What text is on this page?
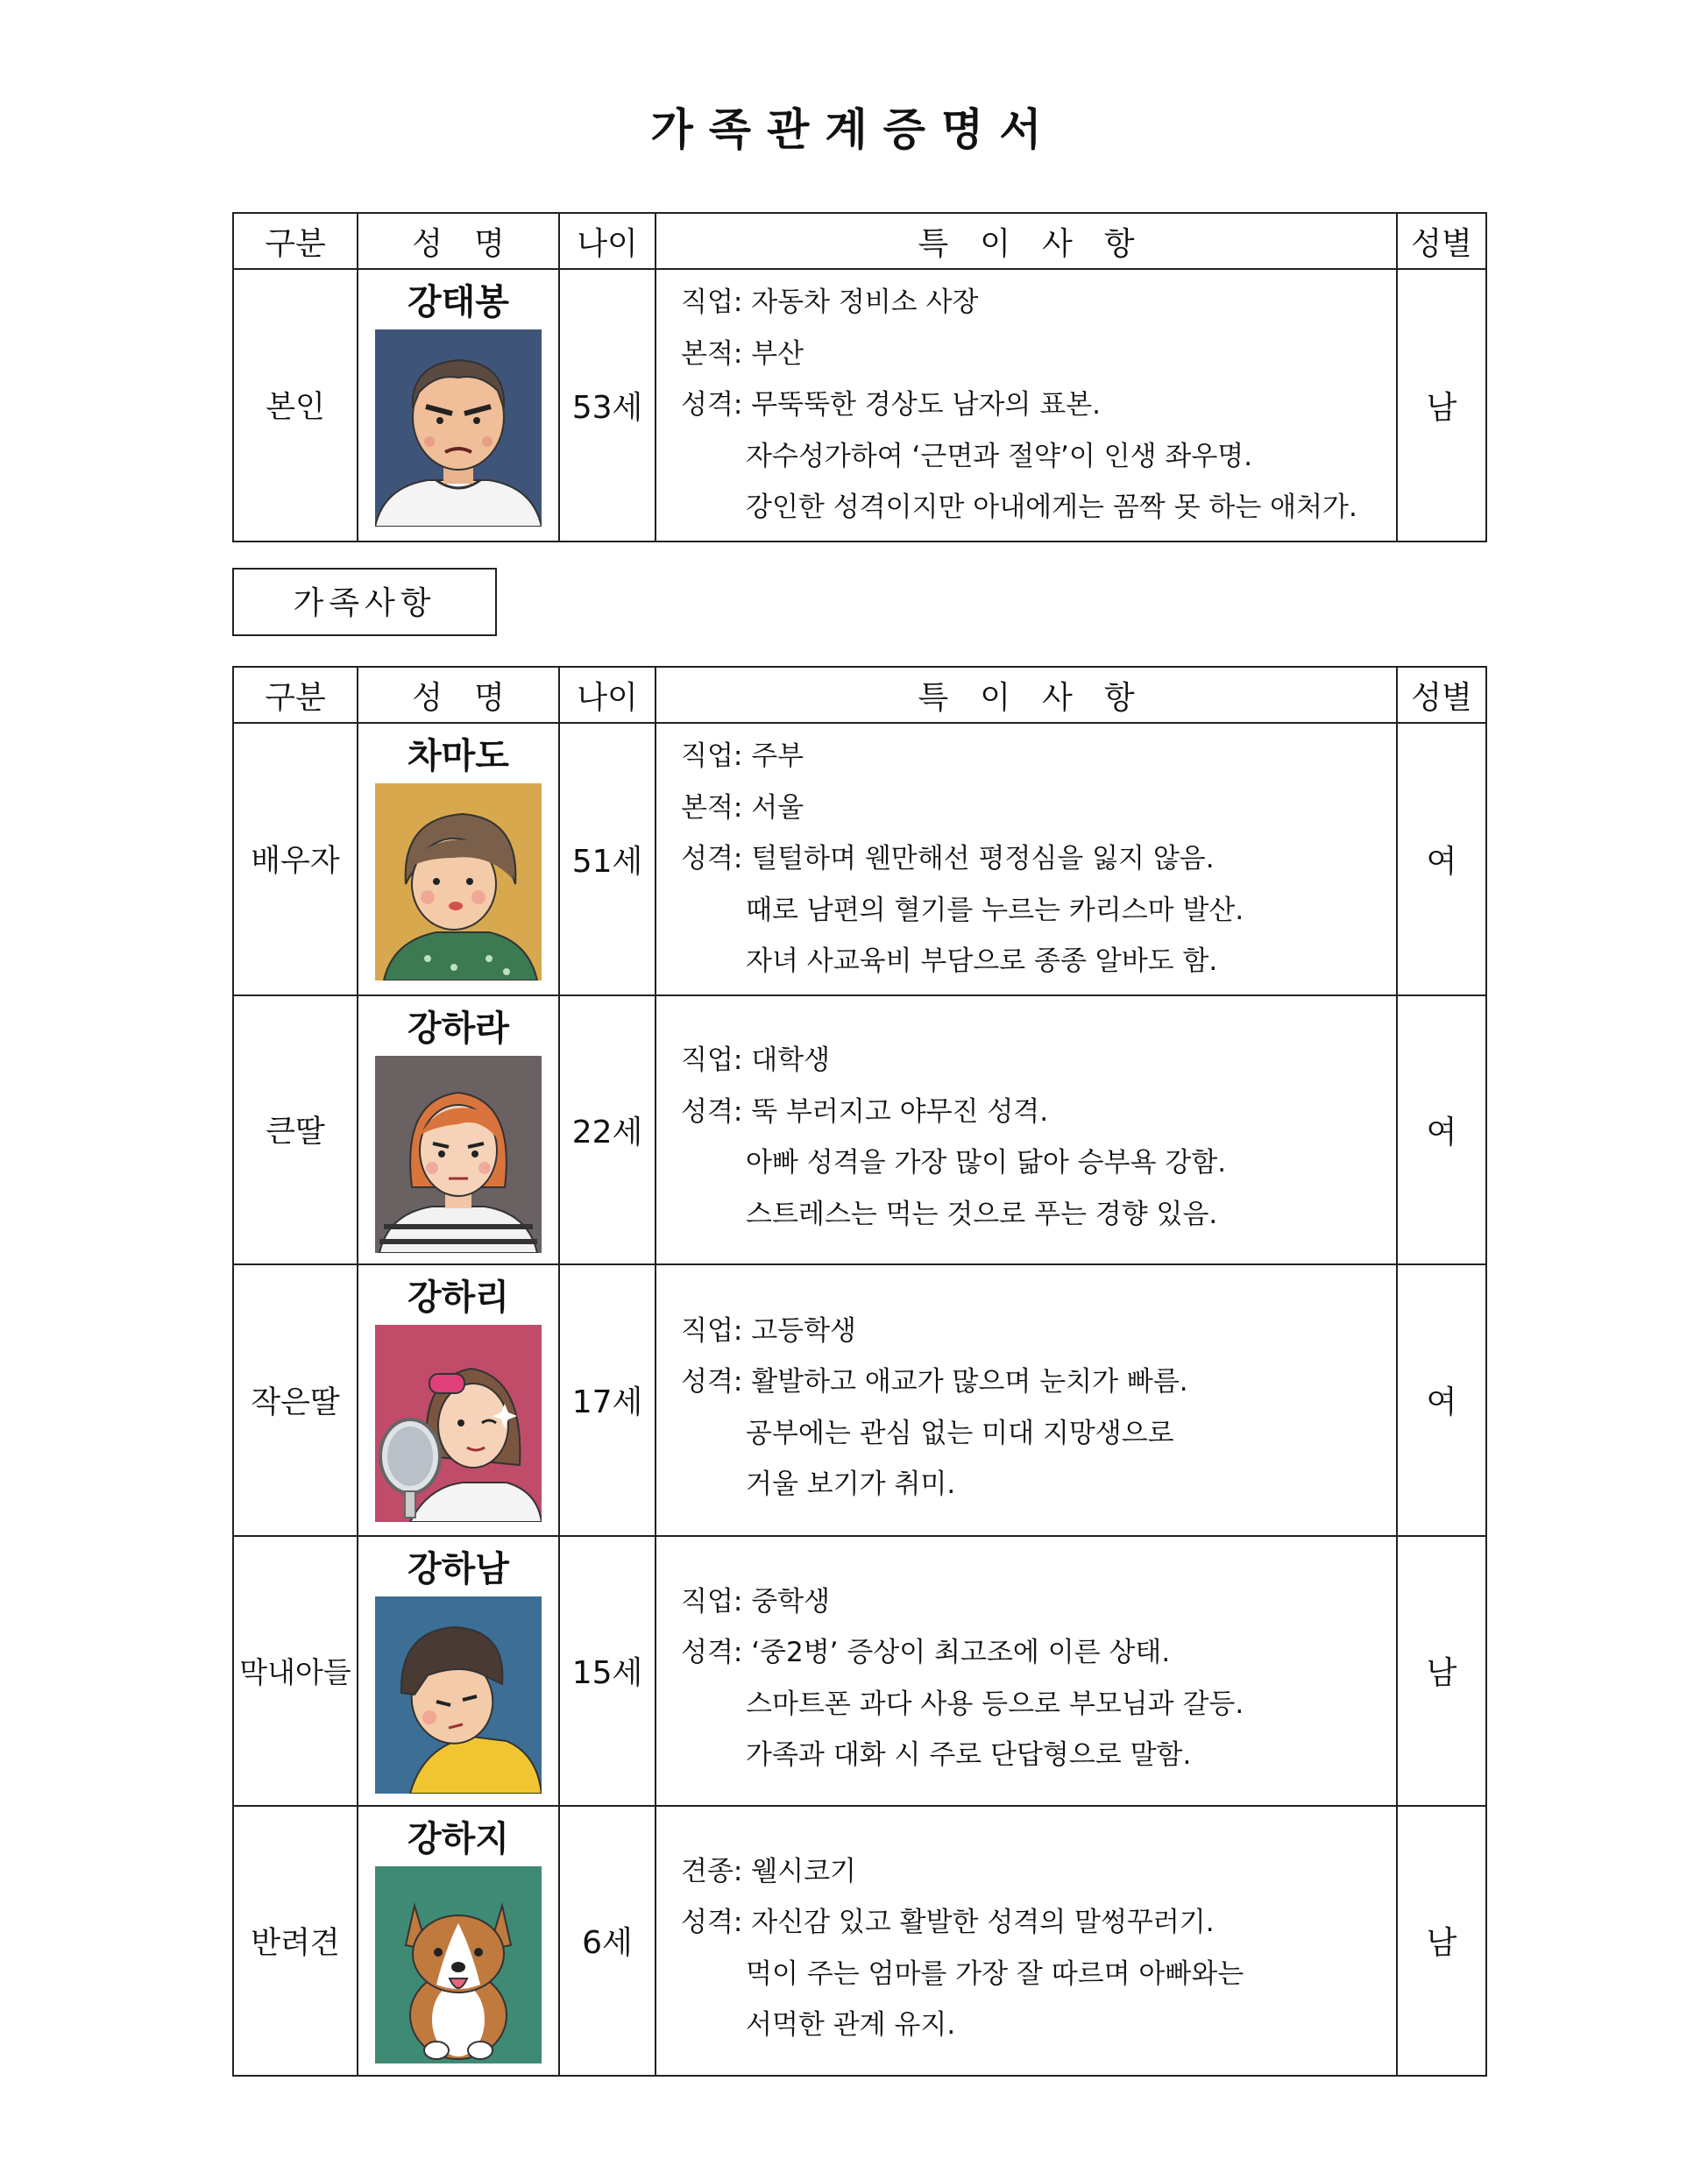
가족관계증명서
구분	성　명	나이	특　이　사　항	성별
본인	강태봉	53세	직업: 자동차 정비소 사장
본적: 부산
성격: 무뚝뚝한 경상도 남자의 표본.
자수성가하여 ‘근면과 절약’이 인생 좌우명.
강인한 성격이지만 아내에게는 꼼짝 못 하는 애처가.	남
가족사항
구분	성　명	나이	특　이　사　항	성별
배우자	차마도	51세	직업: 주부
본적: 서울
성격: 털털하며 웬만해선 평정심을 잃지 않음.
때로 남편의 혈기를 누르는 카리스마 발산.
자녀 사교육비 부담으로 종종 알바도 함.	여
큰딸	강하라	22세	직업: 대학생
성격: 뚝 부러지고 야무진 성격.
아빠 성격을 가장 많이 닮아 승부욕 강함.
스트레스는 먹는 것으로 푸는 경향 있음.	여
작은딸	강하리	17세	직업: 고등학생
성격: 활발하고 애교가 많으며 눈치가 빠름.
공부에는 관심 없는 미대 지망생으로
거울 보기가 취미.	여
막내아들	강하남	15세	직업: 중학생
성격: ‘중2병’ 증상이 최고조에 이른 상태.
스마트폰 과다 사용 등으로 부모님과 갈등.
가족과 대화 시 주로 단답형으로 말함.	남
반려견	강하지	6세	견종: 웰시코기
성격: 자신감 있고 활발한 성격의 말썽꾸러기.
먹이 주는 엄마를 가장 잘 따르며 아빠와는
서먹한 관계 유지.	남
